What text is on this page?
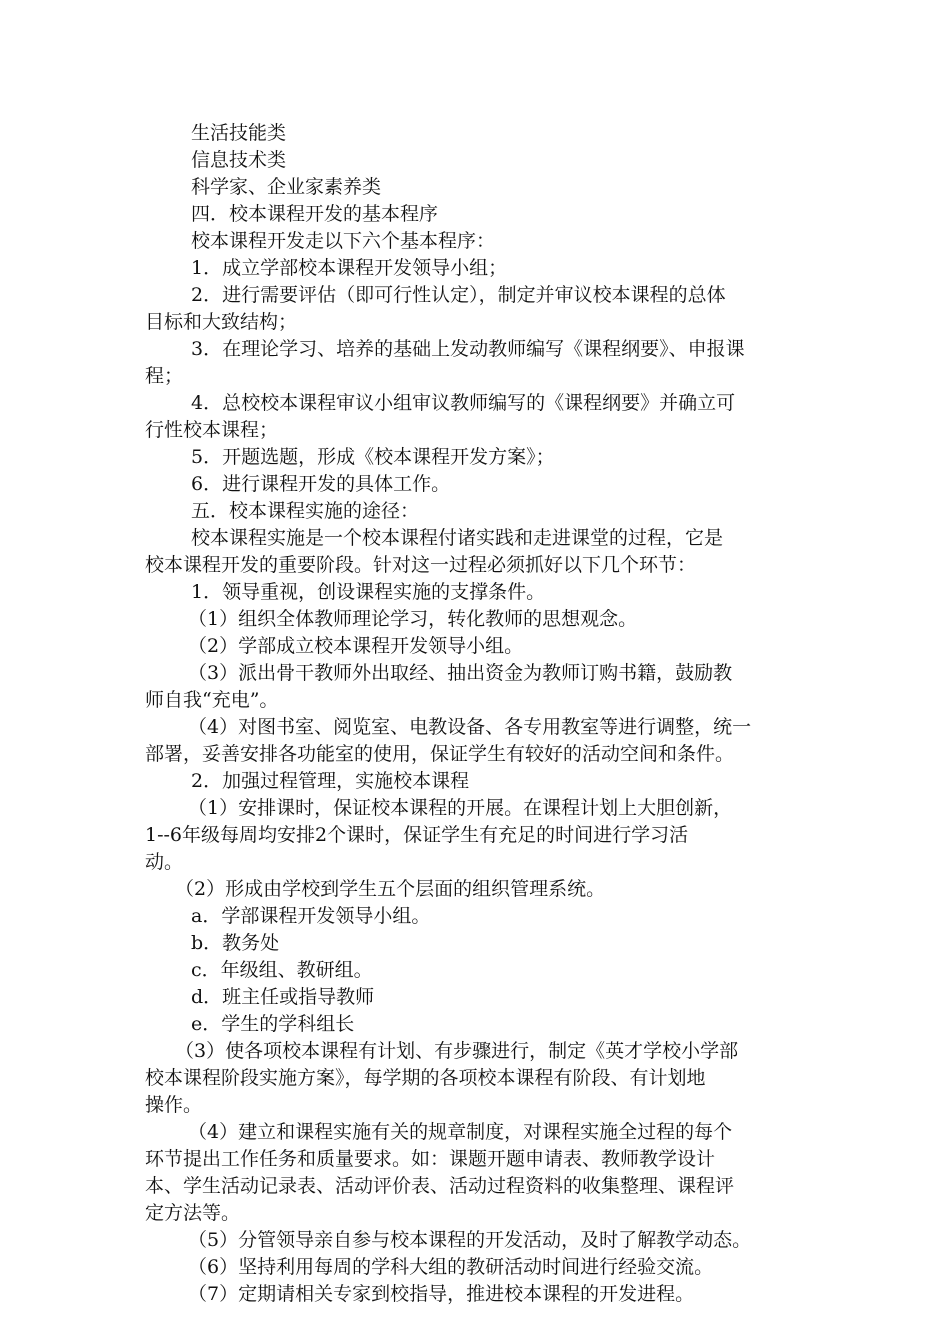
生活技能类
信息技术类
科学家、企业家素养类
四．校本课程开发的基本程序
校本课程开发走以下六个基本程序：
1．成立学部校本课程开发领导小组；
2．进行需要评估（即可行性认定），制定并审议校本课程的总体
目标和大致结构；
3．在理论学习、培养的基础上发动教师编写《课程纲要》、申报课
程；
4．总校校本课程审议小组审议教师编写的《课程纲要》并确立可
行性校本课程；
5．开题选题，形成《校本课程开发方案》；
6．进行课程开发的具体工作。
五．校本课程实施的途径：
校本课程实施是一个校本课程付诸实践和走进课堂的过程，它是
校本课程开发的重要阶段。针对这一过程必须抓好以下几个环节：
1．领导重视，创设课程实施的支撑条件。
（1）组织全体教师理论学习，转化教师的思想观念。
（2）学部成立校本课程开发领导小组。
（3）派出骨干教师外出取经、抽出资金为教师订购书籍，鼓励教
师自我“充电”。
（4）对图书室、阅览室、电教设备、各专用教室等进行调整，统一
部署，妥善安排各功能室的使用，保证学生有较好的活动空间和条件。
2．加强过程管理，实施校本课程
（1）安排课时，保证校本课程的开展。在课程计划上大胆创新，
1--6年级每周均安排2个课时，保证学生有充足的时间进行学习活
动。
（2）形成由学校到学生五个层面的组织管理系统。
a．学部课程开发领导小组。
b．教务处
c．年级组、教研组。
d．班主任或指导教师
e．学生的学科组长
（3）使各项校本课程有计划、有步骤进行，制定《英才学校小学部
校本课程阶段实施方案》，每学期的各项校本课程有阶段、有计划地
操作。
（4）建立和课程实施有关的规章制度，对课程实施全过程的每个
环节提出工作任务和质量要求。如：课题开题申请表、教师教学设计
本、学生活动记录表、活动评价表、活动过程资料的收集整理、课程评
定方法等。
（5）分管领导亲自参与校本课程的开发活动，及时了解教学动态。
（6）坚持利用每周的学科大组的教研活动时间进行经验交流。
（7）定期请相关专家到校指导，推进校本课程的开发进程。
